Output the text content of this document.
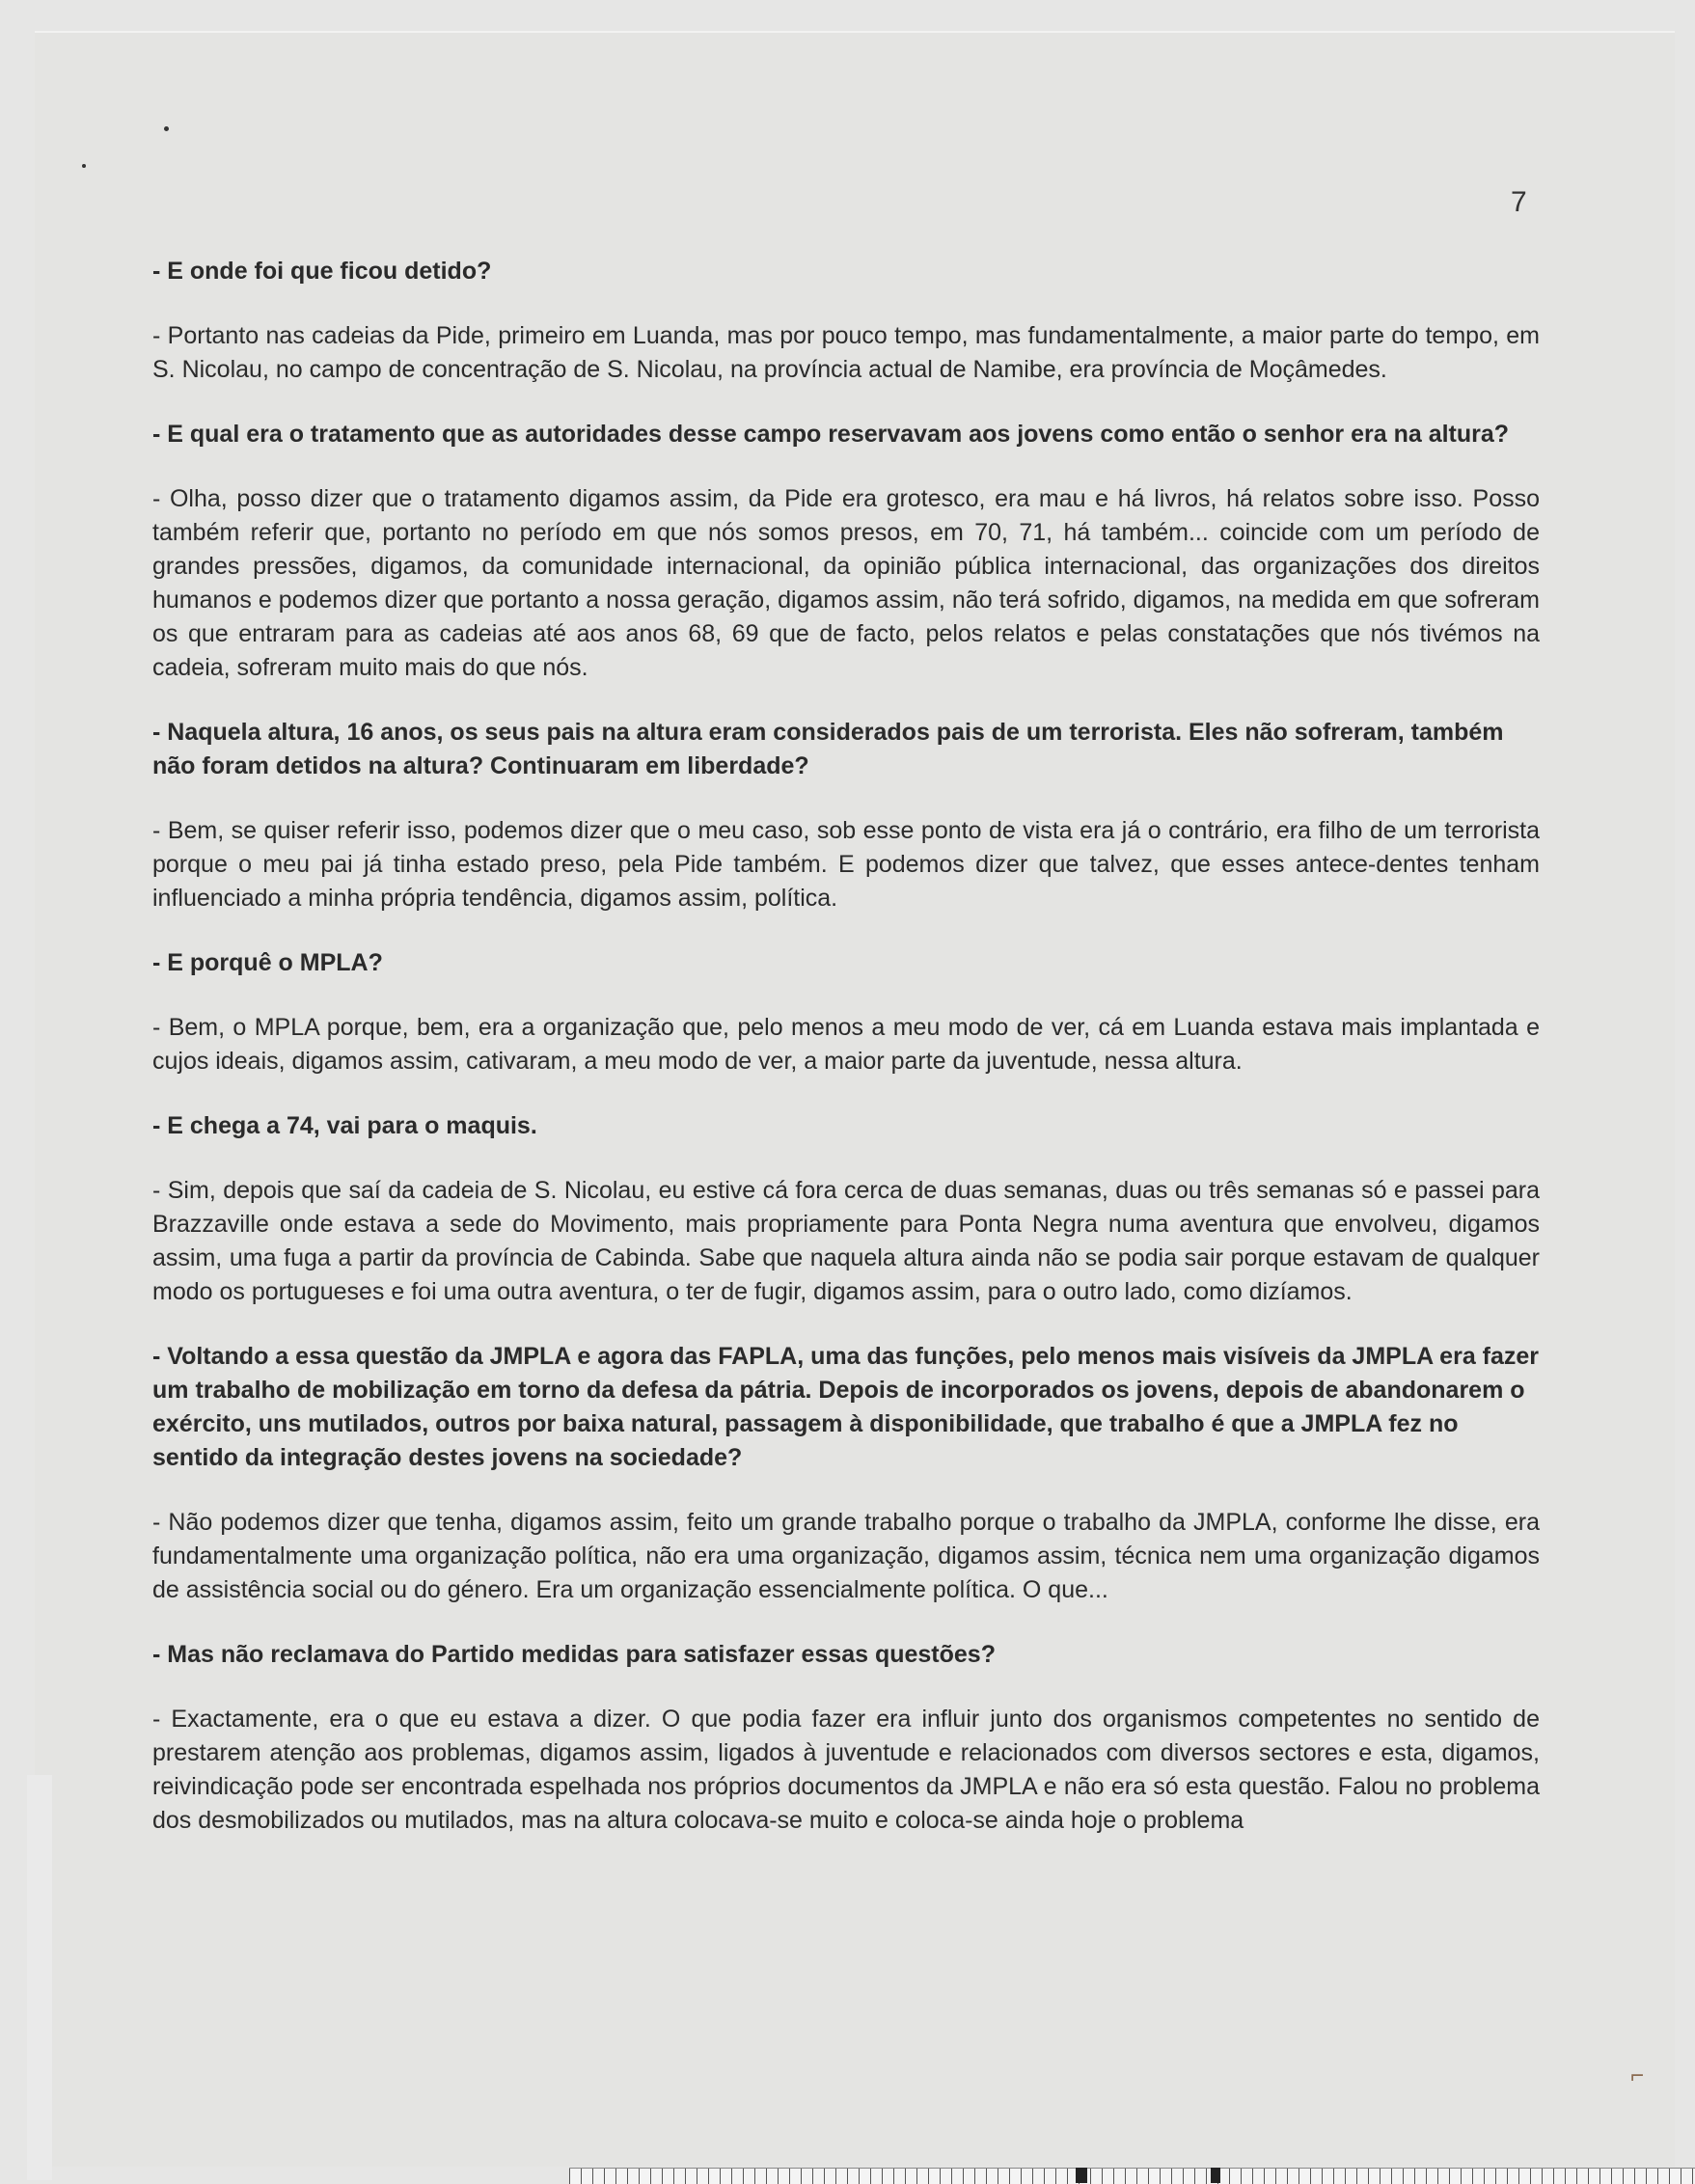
7

- E onde foi que ficou detido?

- Portanto nas cadeias da Pide, primeiro em Luanda, mas por pouco tempo, mas fundamentalmente, a maior parte do tempo, em S. Nicolau, no campo de concentração de S. Nicolau, na província actual de Namibe, era província de Moçâmedes.

- E qual era o tratamento que as autoridades desse campo reservavam aos jovens como então o senhor era na altura?

- Olha, posso dizer que o tratamento digamos assim, da Pide era grotesco, era mau e há livros, há relatos sobre isso. Posso também referir que, portanto no período em que nós somos presos, em 70, 71, há também... coincide com um período de grandes pressões, digamos, da comunidade internacional, da opinião pública internacional, das organizações dos direitos humanos e podemos dizer que portanto a nossa geração, digamos assim, não terá sofrido, digamos, na medida em que sofreram os que entraram para as cadeias até aos anos 68, 69 que de facto, pelos relatos e pelas constatações que nós tivémos na cadeia, sofreram muito mais do que nós.

- Naquela altura, 16 anos, os seus pais na altura eram considerados pais de um terrorista. Eles não sofreram, também não foram detidos na altura? Continuaram em liberdade?

- Bem, se quiser referir isso, podemos dizer que o meu caso, sob esse ponto de vista era já o contrário, era filho de um terrorista porque o meu pai já tinha estado preso, pela Pide também. E podemos dizer que talvez, que esses antece-dentes tenham influenciado a minha própria tendência, digamos assim, política.

- E porquê o MPLA?

- Bem, o MPLA porque, bem, era a organização que, pelo menos a meu modo de ver, cá em Luanda estava mais implantada e cujos ideais, digamos assim, cativaram, a meu modo de ver, a maior parte da juventude, nessa altura.

- E chega a 74, vai para o maquis.

- Sim, depois que saí da cadeia de S. Nicolau, eu estive cá fora cerca de duas semanas, duas ou três semanas só e passei para Brazzaville onde estava a sede do Movimento, mais propriamente para Ponta Negra numa aventura que envolveu, digamos assim, uma fuga a partir da província de Cabinda. Sabe que naquela altura ainda não se podia sair porque estavam de qualquer modo os portugueses e foi uma outra aventura, o ter de fugir, digamos assim, para o outro lado, como dizíamos.

- Voltando a essa questão da JMPLA e agora das FAPLA, uma das funções, pelo menos mais visíveis da JMPLA era fazer um trabalho de mobilização em torno da defesa da pátria. Depois de incorporados os jovens, depois de abandonarem o exército, uns mutilados, outros por baixa natural, passagem à disponibilidade, que trabalho é que a JMPLA fez no sentido da integração destes jovens na sociedade?

- Não podemos dizer que tenha, digamos assim, feito um grande trabalho porque o trabalho da JMPLA, conforme lhe disse, era fundamentalmente uma organização política, não era uma organização, digamos assim, técnica nem uma organização digamos de assistência social ou do género. Era um organização essencialmente política. O que...

- Mas não reclamava do Partido medidas para satisfazer essas questões?

- Exactamente, era o que eu estava a dizer. O que podia fazer era influir junto dos organismos competentes no sentido de prestarem atenção aos problemas, digamos assim, ligados à juventude e relacionados com diversos sectores e esta, digamos, reivindicação pode ser encontrada espelhada nos próprios documentos da JMPLA e não era só esta questão. Falou no problema dos desmobilizados ou mutilados, mas na altura colocava-se muito e coloca-se ainda hoje o problema

⌐
